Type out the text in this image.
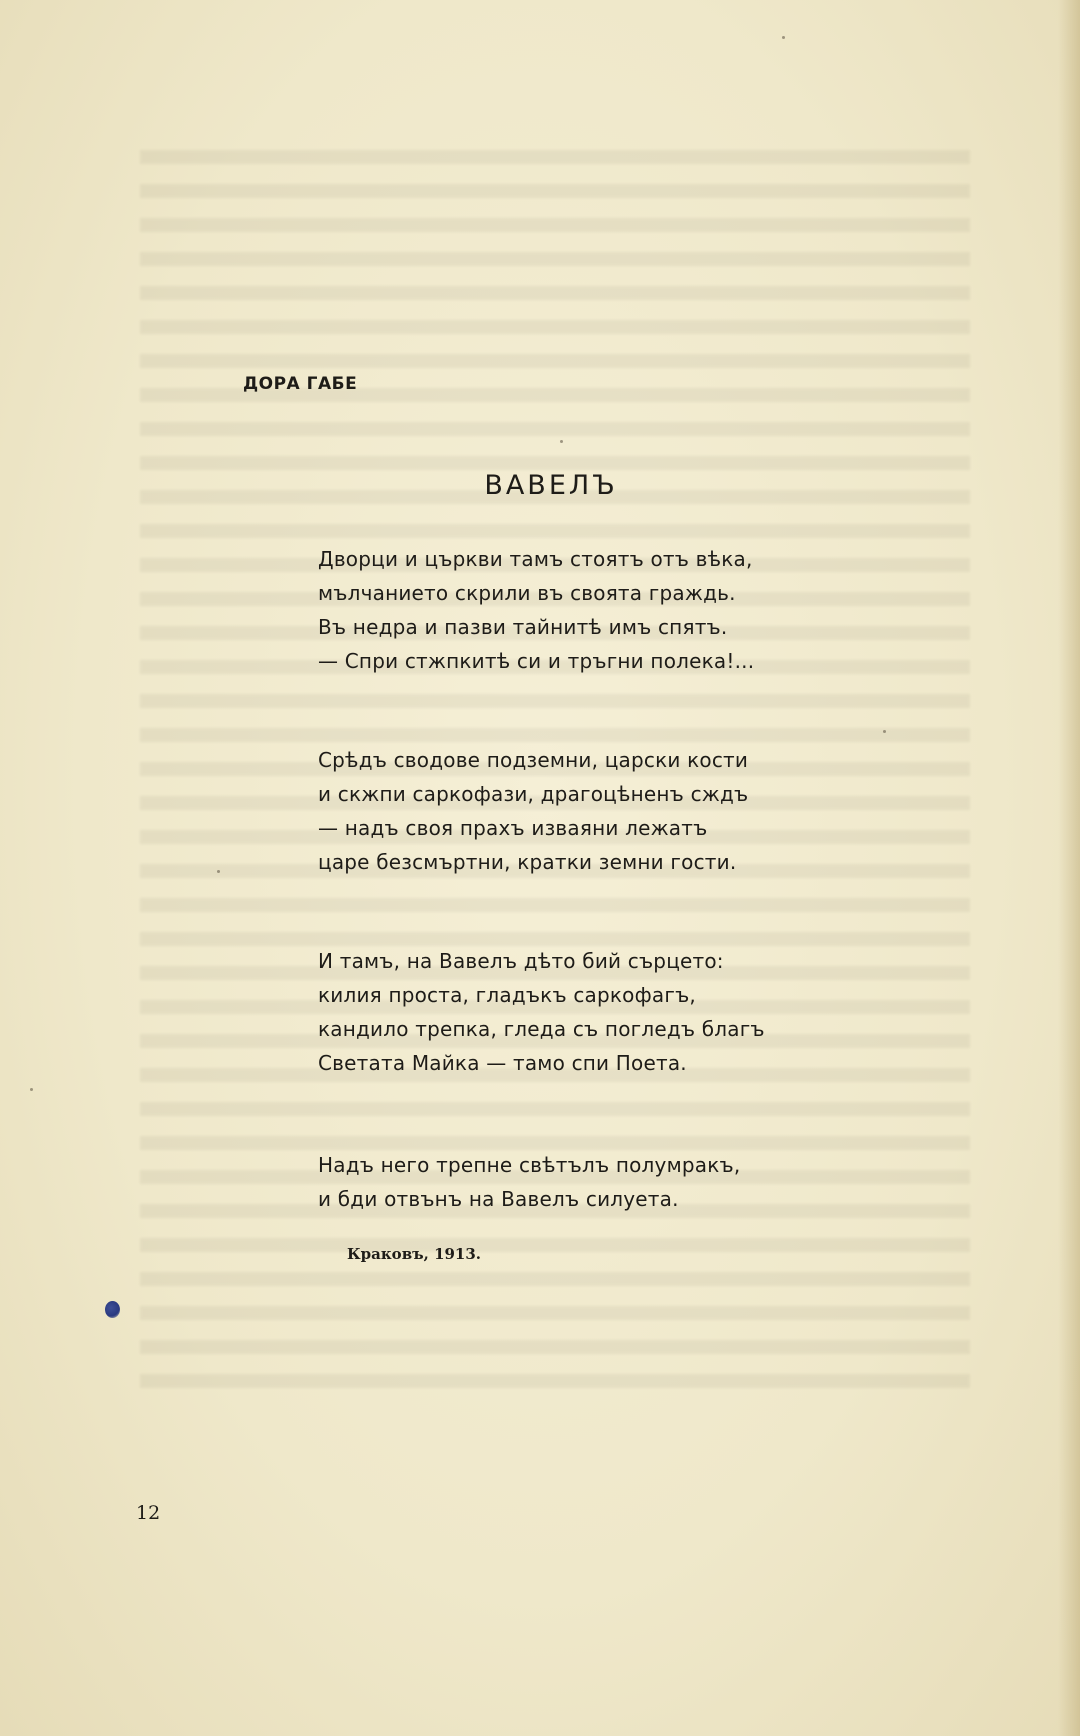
ДОРА ГАБЕ

ВАВЕЛЪ
Дворци и църкви тамъ стоятъ отъ вѣка,
мълчанието скрили въ своята граждь.
Въ недра и пазви тайнитѣ имъ спятъ.
— Спри стжпкитѣ си и тръгни полека!...
Срѣдъ сводове подземни, царски кости
и скжпи саркофази, драгоцѣненъ сждъ
— надъ своя прахъ изваяни лежатъ
царе безсмъртни, кратки земни гости.
И тамъ, на Вавелъ дѣто бий сърцето:
килия проста, гладъкъ саркофагъ,
кандило трепка, гледа съ погледъ благъ
Светата Майка — тамо спи Поета.
Надъ него трепне свѣтълъ полумракъ,
и бди отвънъ на Вавелъ силуета.

Краковъ, 1913.

12
